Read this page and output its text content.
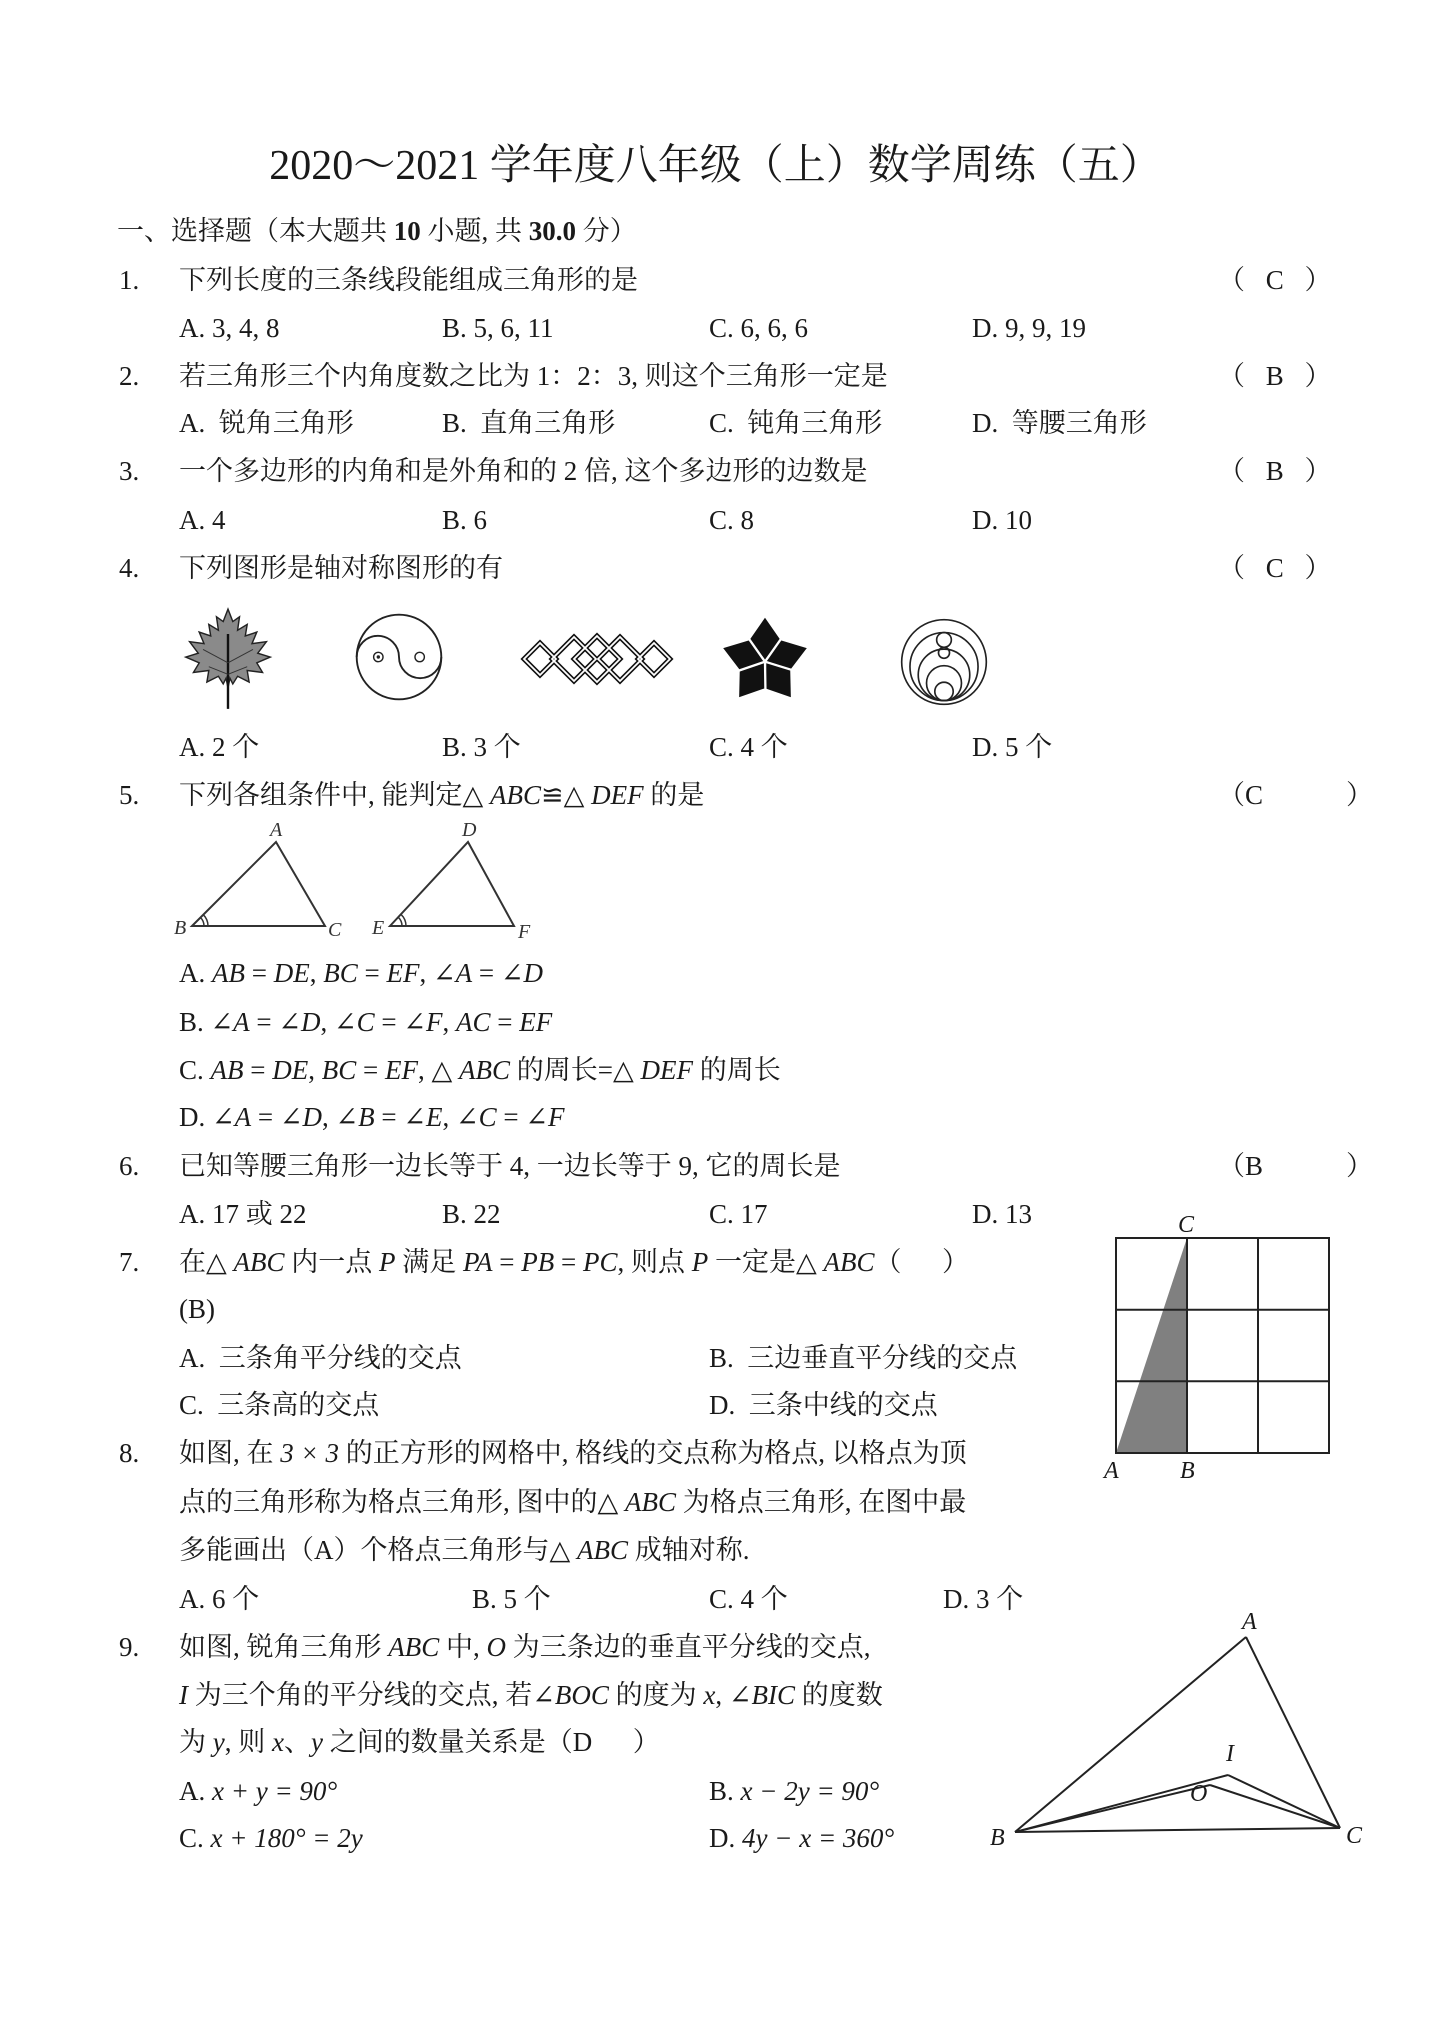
2020～2021 学年度八年级（上）数学周练（五）
一、选择题（本大题共 10 小题, 共 30.0 分）
1. 下列长度的三条线段能组成三角形的是	（ C ）
A. 3, 4, 8	B. 5, 6, 11	C. 6, 6, 6	D. 9, 9, 19
2. 若三角形三个内角度数之比为 1：2：3, 则这个三角形一定是	（ B ）
A.  锐角三角形	B.  直角三角形	C.  钝角三角形	D.  等腰三角形
3. 一个多边形的内角和是外角和的 2 倍, 这个多边形的边数是	（ B ）
A. 4	B. 6	C. 8	D. 10
4. 下列图形是轴对称图形的有	（ C ）
A. 2 个	B. 3 个	C. 4 个	D. 5 个
5. 下列各组条件中, 能判定△ ABC≌△ DEF 的是	（C    ）
A
B	C
D
E	F
A. AB = DE, BC = EF, ∠A = ∠D
B. ∠A = ∠D, ∠C = ∠F, AC = EF
C. AB = DE, BC = EF, △ ABC 的周长=△ DEF 的周长
D. ∠A = ∠D, ∠B = ∠E, ∠C = ∠F
6. 已知等腰三角形一边长等于 4, 一边长等于 9, 它的周长是	（B    ）
A. 17 或 22	B. 22	C. 17	D. 13	C
A	B
7. 在△ ABC 内一点 P 满足 PA = PB = PC, 则点 P 一定是△ ABC（      ）
(B)
A.  三条角平分线的交点	B.  三边垂直平分线的交点
C.  三条高的交点	D.  三条中线的交点
8. 如图, 在 3 × 3 的正方形的网格中, 格线的交点称为格点, 以格点为顶
点的三角形称为格点三角形, 图中的△ ABC 为格点三角形, 在图中最
多能画出（A）个格点三角形与△ ABC 成轴对称.
A. 6 个	B. 5 个	C. 4 个	D. 3 个
9. 如图, 锐角三角形 ABC 中, O 为三条边的垂直平分线的交点,
I 为三个角的平分线的交点, 若∠BOC 的度为 x, ∠BIC 的度数
为 y, 则 x、y 之间的数量关系是（D      ）
A. x + y = 90°	B. x − 2y = 90°
C. x + 180° = 2y	D. 4y − x = 360°
A
B	C
I
O
